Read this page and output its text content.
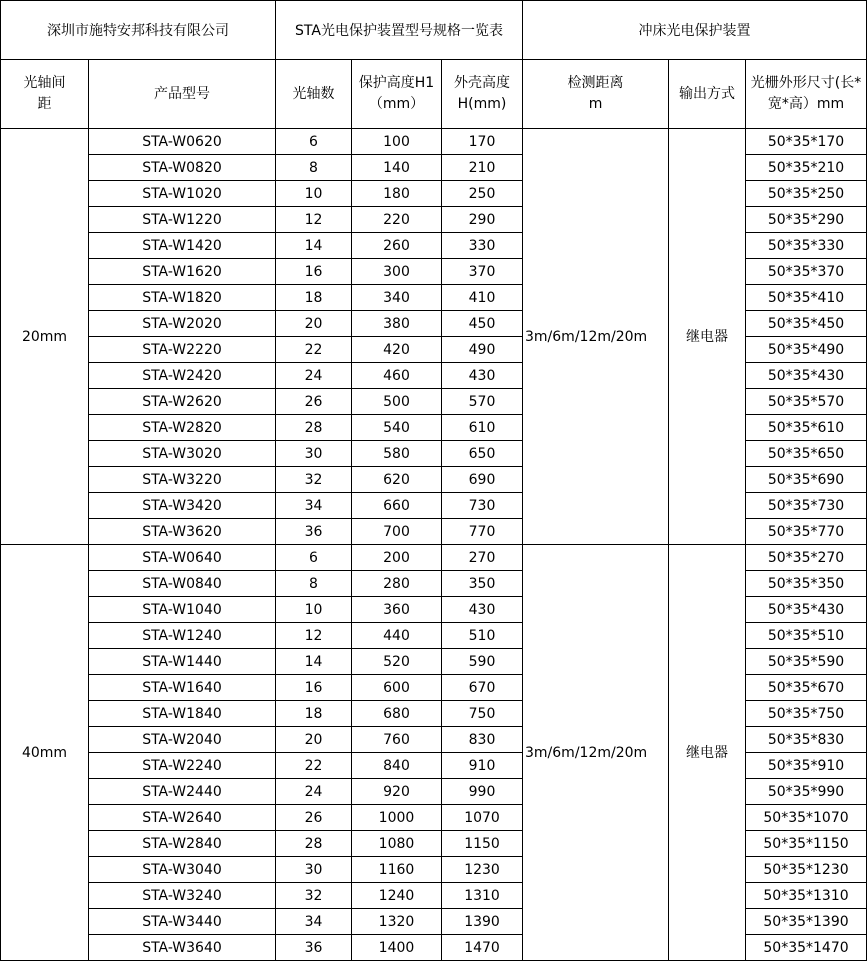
深圳市施特安邦科技有限公司		STA光电保护装置型号规格一览表			冲床光电保护装置		
光轴间距	产品型号	光轴数	保护高度H1（mm）	外壳高度H(mm)	检测距离m	输出方式	光栅外形尺寸(长*宽*高）mm
20mm	STA-W0620	6	100	170	3m/6m/12m/20m	继电器	50*35*170
	STA-W0820	8	140	210			50*35*210
	STA-W1020	10	180	250			50*35*250
	STA-W1220	12	220	290			50*35*290
	STA-W1420	14	260	330			50*35*330
	STA-W1620	16	300	370			50*35*370
	STA-W1820	18	340	410			50*35*410
	STA-W2020	20	380	450			50*35*450
	STA-W2220	22	420	490			50*35*490
	STA-W2420	24	460	430			50*35*430
	STA-W2620	26	500	570			50*35*570
	STA-W2820	28	540	610			50*35*610
	STA-W3020	30	580	650			50*35*650
	STA-W3220	32	620	690			50*35*690
	STA-W3420	34	660	730			50*35*730
	STA-W3620	36	700	770			50*35*770
40mm	STA-W0640	6	200	270	3m/6m/12m/20m	继电器	50*35*270
	STA-W0840	8	280	350			50*35*350
	STA-W1040	10	360	430			50*35*430
	STA-W1240	12	440	510			50*35*510
	STA-W1440	14	520	590			50*35*590
	STA-W1640	16	600	670			50*35*670
	STA-W1840	18	680	750			50*35*750
	STA-W2040	20	760	830			50*35*830
	STA-W2240	22	840	910			50*35*910
	STA-W2440	24	920	990			50*35*990
	STA-W2640	26	1000	1070			50*35*1070
	STA-W2840	28	1080	1150			50*35*1150
	STA-W3040	30	1160	1230			50*35*1230
	STA-W3240	32	1240	1310			50*35*1310
	STA-W3440	34	1320	1390			50*35*1390
	STA-W3640	36	1400	1470			50*35*1470
